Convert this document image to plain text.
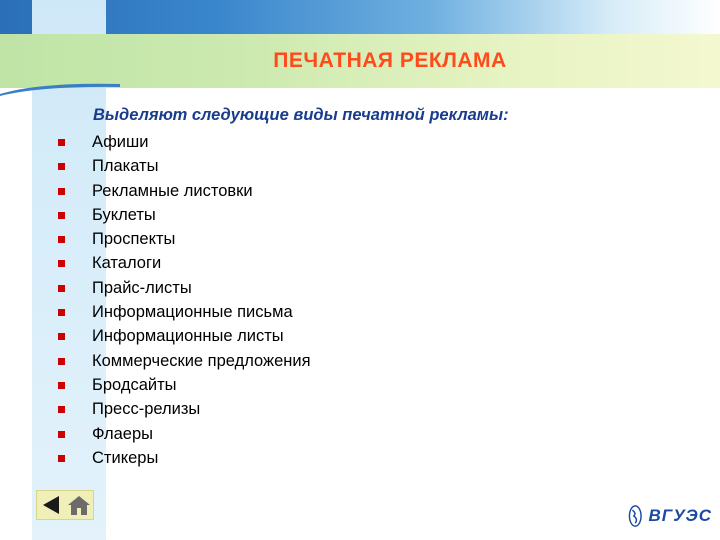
ПЕЧАТНАЯ РЕКЛАМА
Выделяют следующие виды печатной рекламы:
Афиши
Плакаты
Рекламные листовки
Буклеты
Проспекты
Каталоги
Прайс-листы
Информационные письма
Информационные листы
Коммерческие предложения
Бродсайты
Пресс-релизы
Флаеры
Стикеры
ВГУЭС
